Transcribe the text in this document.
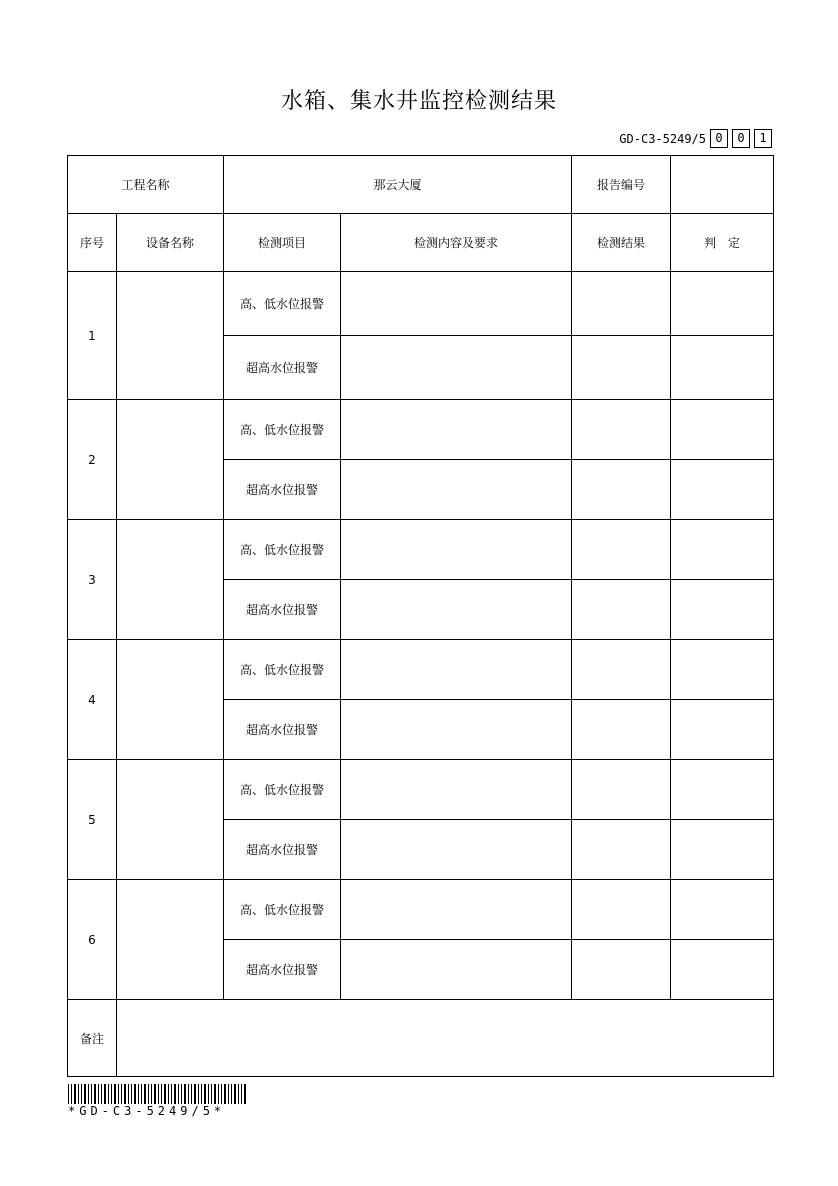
水箱、集水井监控检测结果
GD-C3-5249/5 0	0	1
工程名称		那云大厦		报告编号	
序号	设备名称	检测项目	检测内容及要求	检测结果	判　定
1		高、低水位报警			
		超高水位报警			
2		高、低水位报警			
		超高水位报警			
3		高、低水位报警			
		超高水位报警			
4		高、低水位报警			
		超高水位报警			
5		高、低水位报警			
		超高水位报警			
6		高、低水位报警			
		超高水位报警			
备注					
*GD-C3-5249/5*
